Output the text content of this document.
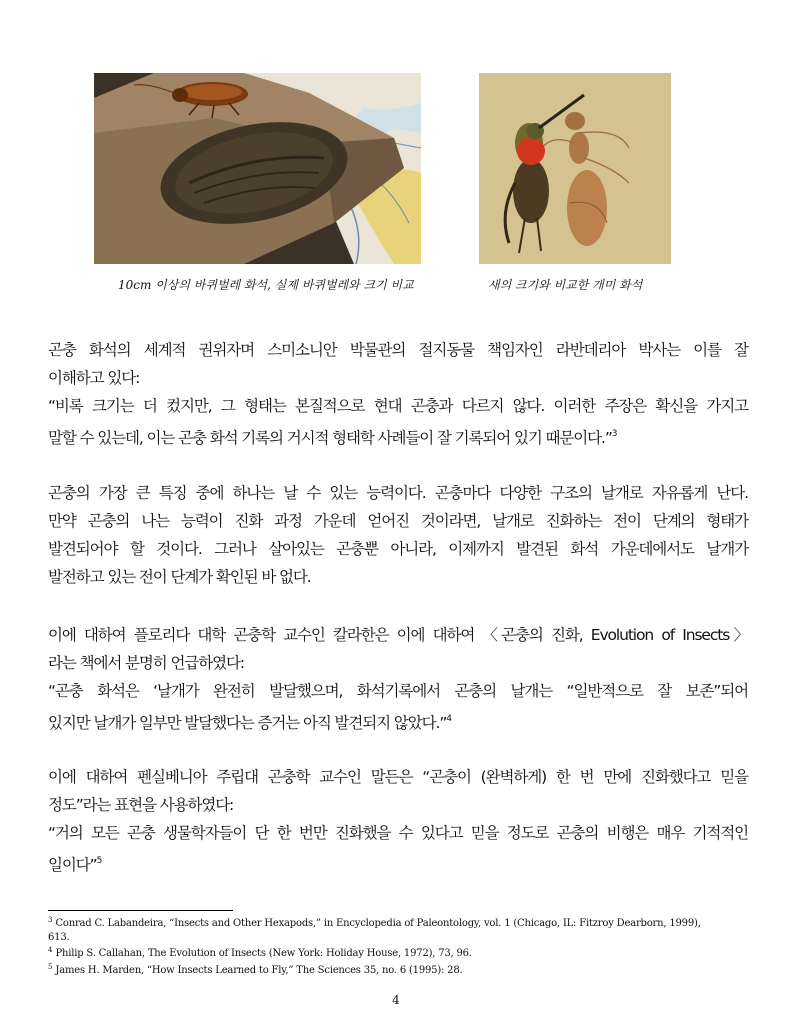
10cm 이상의 바퀴벌레 화석, 실제 바퀴벌레와 크기 비교	새의 크기와 비교한 개미 화석

곤충 화석의 세계적 권위자며 스미소니안 박물관의 절지동물 책임자인 라반데리아 박사는 이를 잘

이해하고 있다:

“비록 크기는 더 컸지만, 그 형태는 본질적으로 현대 곤충과 다르지 않다. 이러한 주장은 확신을 가지고

말할 수 있는데, 이는 곤충 화석 기록의 거시적 형태학 사례들이 잘 기록되어 있기 때문이다.”$^3$

곤충의 가장 큰 특징 중에 하나는 날 수 있는 능력이다. 곤충마다 다양한 구조의 날개로 자유롭게 난다.

만약 곤충의 나는 능력이 진화 과정 가운데 얻어진 것이라면, 날개로 진화하는 전이 단계의 형태가

발견되어야 할 것이다. 그러나 살아있는 곤충뿐 아니라, 이제까지 발견된 화석 가운데에서도 날개가

발전하고 있는 전이 단계가 확인된 바 없다.

이에 대하여 플로리다 대학 곤충학 교수인 칼라한은 이에 대하여 〈곤충의 진화, Evolution of Insects〉

라는 책에서 분명히 언급하였다:

“곤충 화석은 ‘날개가 완전히 발달했으며, 화석기록에서 곤충의 날개는 “일반적으로 잘 보존”되어

있지만 날개가 일부만 발달했다는 증거는 아직 발견되지 않았다.”$^4$

이에 대하여 펜실베니아 주립대 곤충학 교수인 말든은 “곤충이 (완벽하게) 한 번 만에 진화했다고 믿을

정도”라는 표현을 사용하였다:

“거의 모든 곤충 생물학자들이 단 한 번만 진화했을 수 있다고 믿을 정도로 곤충의 비행은 매우 기적적인

일이다”$^5$

$^3$ Conrad C. Labandeira, “Insects and Other Hexapods,” in Encyclopedia of Paleontology, vol. 1 (Chicago, IL: Fitzroy Dearborn, 1999),
613.
$^4$ Philip S. Callahan, The Evolution of Insects (New York: Holiday House, 1972), 73, 96.
$^5$ James H. Marden, “How Insects Learned to Fly,” The Sciences 35, no. 6 (1995): 28.
4
